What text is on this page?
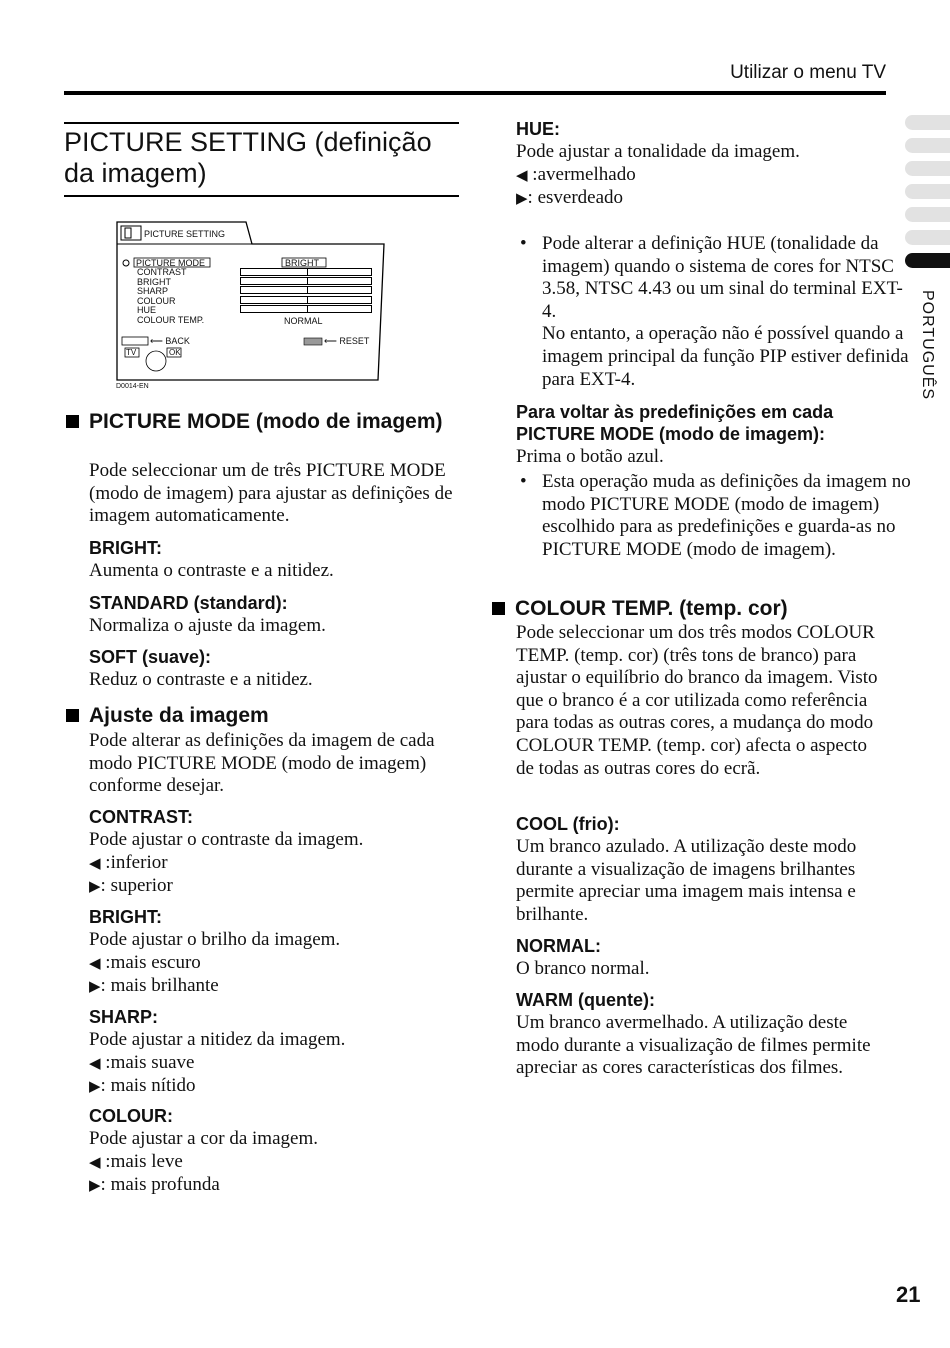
Utilizar o menu TV
PORTUGUÊS
PICTURE SETTING (definição da imagem)
PICTURE SETTING
PICTURE MODE
CONTRAST
BRIGHT
SHARP
COLOUR
HUE
COLOUR TEMP.
BRIGHT
NORMAL
⟵ BACK	⟵ RESET
TV	OK
D0014-EN
PICTURE MODE (modo de imagem)
Pode seleccionar um de três PICTURE MODE (modo de imagem) para ajustar as definições de imagem automaticamente.
BRIGHT:
Aumenta o contraste e a nitidez.
STANDARD (standard):
Normaliza o ajuste da imagem.
SOFT (suave):
Reduz o contraste e a nitidez.
Ajuste da imagem
Pode alterar as definições da imagem de cada modo PICTURE MODE (modo de imagem) conforme desejar.
CONTRAST:
Pode ajustar o contraste da imagem.
◀ :inferior
▶: superior
BRIGHT:
Pode ajustar o brilho da imagem.
◀ :mais escuro
▶: mais brilhante
SHARP:
Pode ajustar a nitidez da imagem.
◀ :mais suave
▶: mais nítido
COLOUR:
Pode ajustar a cor da imagem.
◀ :mais leve
▶: mais profunda
HUE:
Pode ajustar a tonalidade da imagem.
◀ :avermelhado
▶: esverdeado
• Pode alterar a definição HUE (tonalidade da imagem) quando o sistema de cores for NTSC 3.58, NTSC 4.43 ou um sinal do terminal EXT-4.
No entanto, a operação não é possível quando a imagem principal da função PIP estiver definida para EXT-4.
Para voltar às predefinições em cada PICTURE MODE (modo de imagem):
Prima o botão azul.
• Esta operação muda as definições da imagem no modo PICTURE MODE (modo de imagem) escolhido para as predefinições e guarda-as no PICTURE MODE (modo de imagem).
COLOUR TEMP. (temp. cor)
Pode seleccionar um dos três modos COLOUR TEMP. (temp. cor) (três tons de branco) para ajustar o equilíbrio do branco da imagem. Visto que o branco é a cor utilizada como referência para todas as outras cores, a mudança do modo COLOUR TEMP. (temp. cor) afecta o aspecto de todas as outras cores do ecrã.
COOL (frio):
Um branco azulado. A utilização deste modo durante a visualização de imagens brilhantes permite apreciar uma imagem mais intensa e brilhante.
NORMAL:
O branco normal.
WARM (quente):
Um branco avermelhado. A utilização deste modo durante a visualização de filmes permite apreciar as cores características dos filmes.
21
